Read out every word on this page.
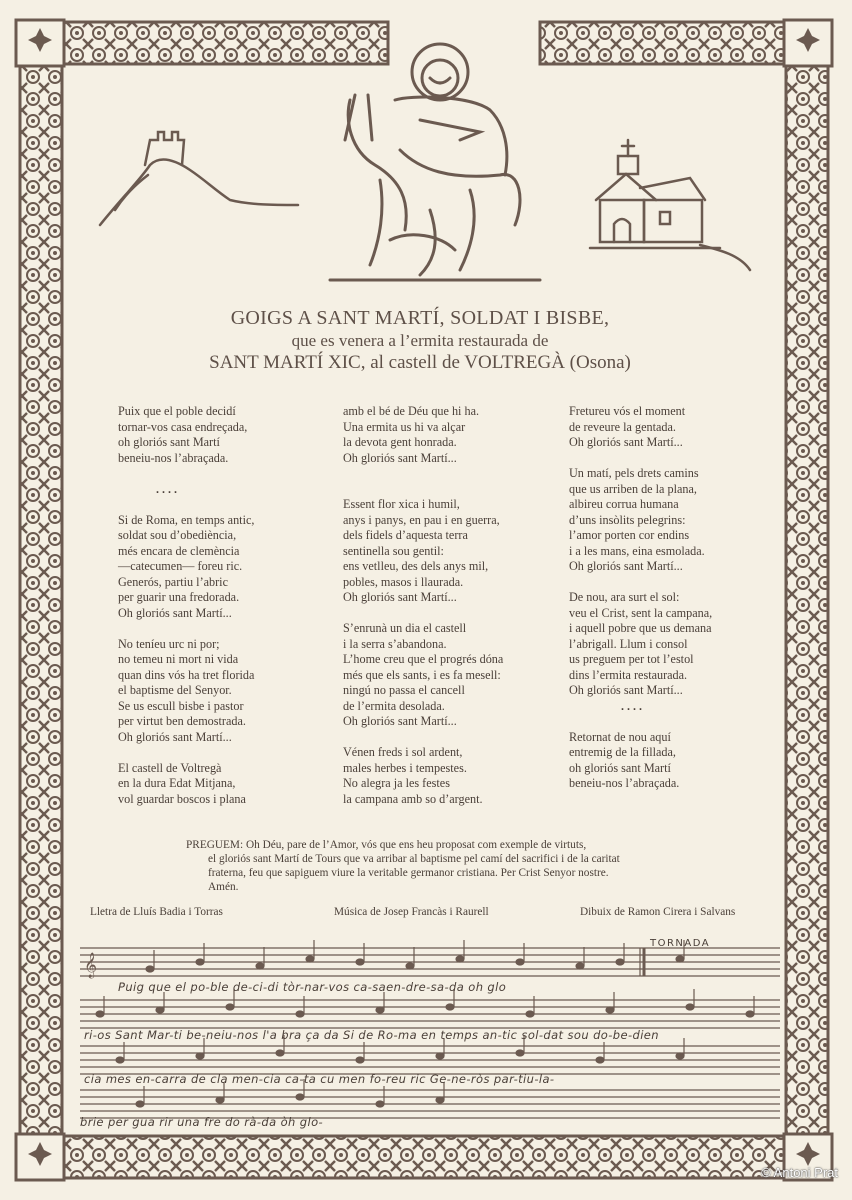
𝄞
GOIGS A SANT MARTÍ, SOLDAT I BISBE,
que es venera a l’ermita restaurada de
SANT MARTÍ XIC, al castell de VOLTREGÀ (Osona)
Puix que el poble decidí
tornar-vos casa endreçada,
oh gloriós sant Martí
beneiu-nos l’abraçada.
....
Si de Roma, en temps antic,
soldat sou d’obediència,
més encara de clemència
—catecumen— foreu ric.
Generós, partiu l’abric
per guarir una fredorada.
Oh gloriós sant Martí...
No teníeu urc ni por;
no temeu ni mort ni vida
quan dins vós ha tret florida
el baptisme del Senyor.
Se us escull bisbe i pastor
per virtut ben demostrada.
Oh gloriós sant Martí...
El castell de Voltregà
en la dura Edat Mitjana,
vol guardar boscos i plana
amb el bé de Déu que hi ha.
Una ermita us hi va alçar
la devota gent honrada.
Oh gloriós sant Martí...
Essent flor xica i humil,
anys i panys, en pau i en guerra,
dels fidels d’aquesta terra
sentinella sou gentil:
ens vetlleu, des dels anys mil,
pobles, masos i llaurada.
Oh gloriós sant Martí...
S’enrunà un dia el castell
i la serra s’abandona.
L’home creu que el progrés dóna
més que els sants, i es fa mesell:
ningú no passa el cancell
de l’ermita desolada.
Oh gloriós sant Martí...
Vénen freds i sol ardent,
males herbes i tempestes.
No alegra ja les festes
la campana amb so d’argent.
Fretureu vós el moment
de reveure la gentada.
Oh gloriós sant Martí...
Un matí, pels drets camins
que us arriben de la plana,
albireu corrua humana
d’uns insòlits pelegrins:
l’amor porten cor endins
i a les mans, eina esmolada.
Oh gloriós sant Martí...
De nou, ara surt el sol:
veu el Crist, sent la campana,
i aquell pobre que us demana
l’abrigall. Llum i consol
us preguem per tot l’estol
dins l’ermita restaurada.
Oh gloriós sant Martí...
....
Retornat de nou aquí
entremig de la fillada,
oh gloriós sant Martí
beneiu-nos l’abraçada.
PREGUEM: Oh Déu, pare de l’Amor, vós que ens heu proposat com exemple de virtuts,
el gloriós sant Martí de Tours que va arribar al baptisme pel camí del sacrifici i de la caritat
fraterna, feu que sapiguem viure la veritable germanor cristiana. Per Crist Senyor nostre.
Amén.
Lletra de Lluís Badia i Torras	Música de Josep Francàs i Raurell	Dibuix de Ramon Cirera i Salvans
TORNADA
Puig que el po-ble de-ci-di tòr-nar-vos ca-saen-dre-sa-da oh glo
ri-os Sant Mar-ti be-neiu-nos l'a bra ça da Si de Ro-ma en temps an-tic sol-dat sou do-be-dien
cia mes en-carra de cla men-cia ca-ta cu men fo-reu ric Ge-ne-ròs par-tiu-la-
brie per gua rir una fre do rà-da òh glo-
© Antoni Prat
